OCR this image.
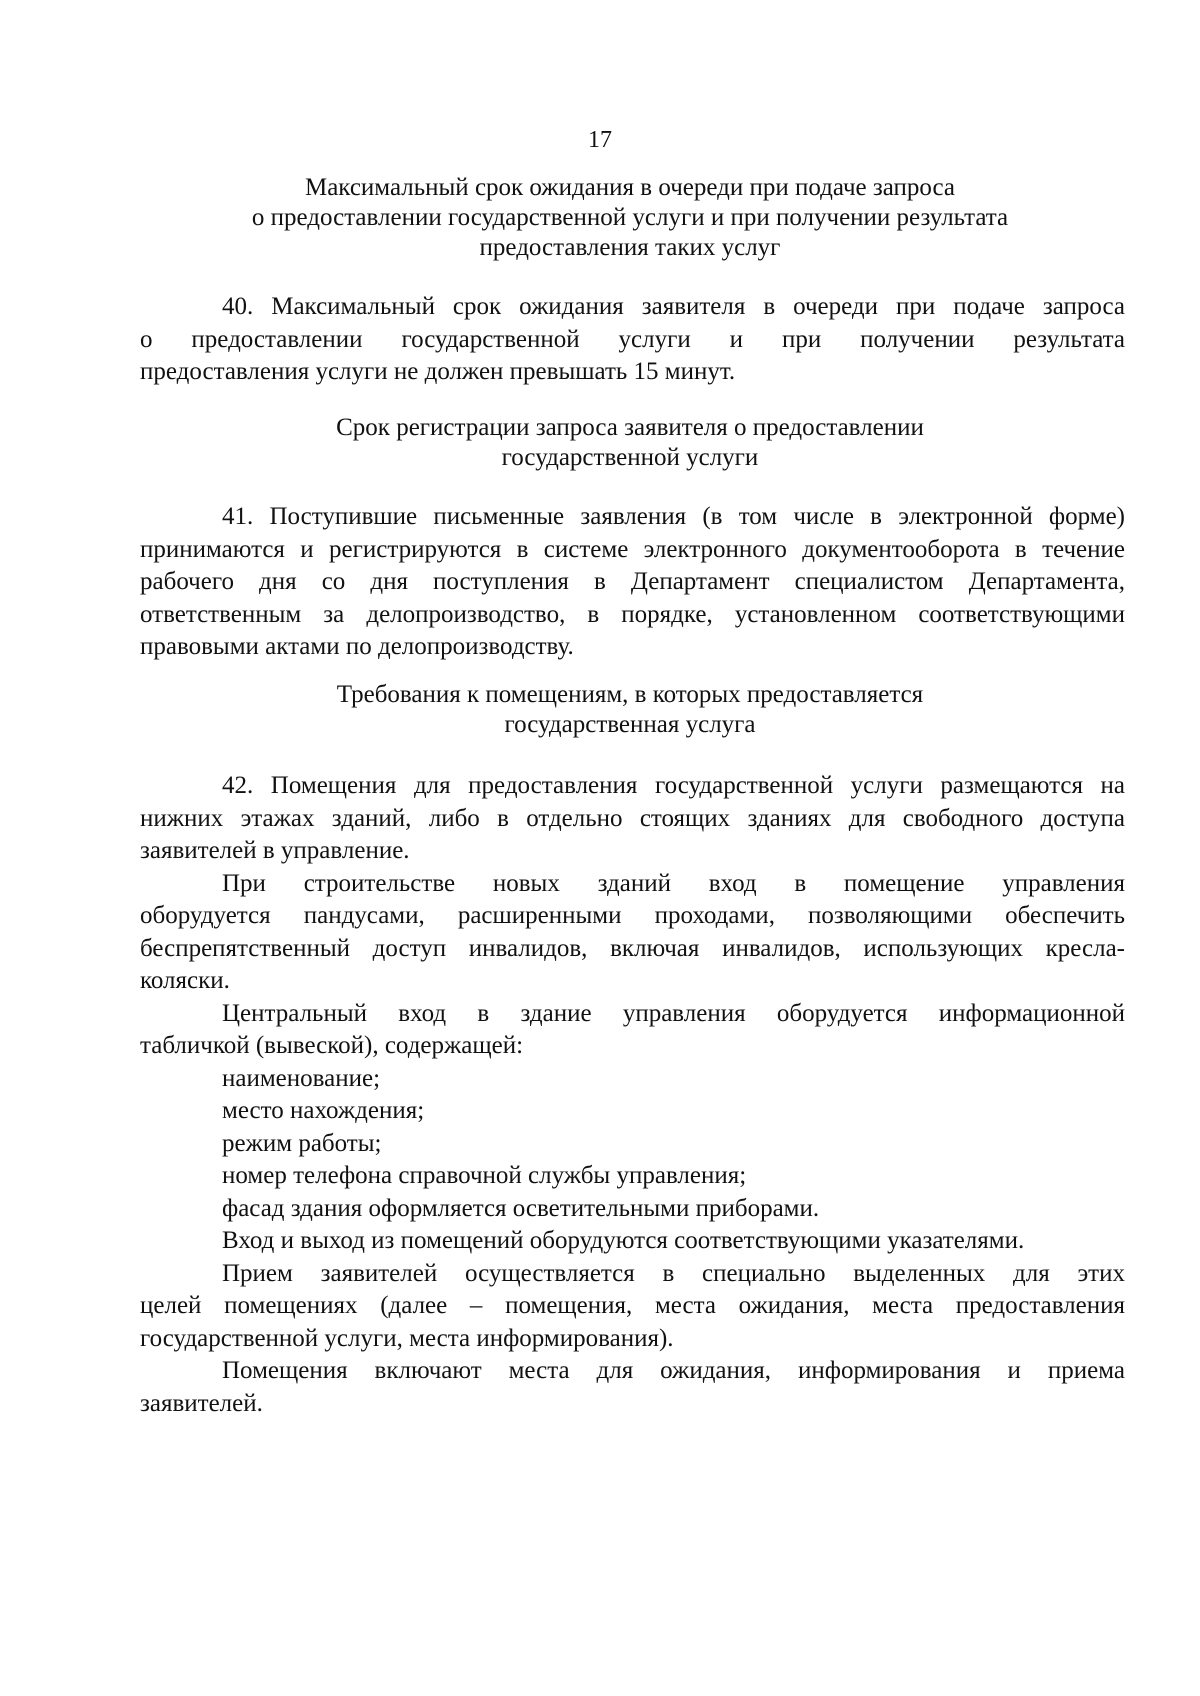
17
Максимальный срок ожидания в очереди при подаче запроса
о предоставлении государственной услуги и при получении результата
предоставления таких услуг
40. Максимальный срок ожидания заявителя в очереди при подаче запроса
о предоставлении государственной услуги и при получении результата
предоставления услуги не должен превышать 15 минут.
Срок регистрации запроса заявителя о предоставлении
государственной услуги
41. Поступившие письменные заявления (в том числе в электронной форме)
принимаются и регистрируются в системе электронного документооборота в течение
рабочего дня со дня поступления в Департамент специалистом Департамента,
ответственным за делопроизводство, в порядке, установленном соответствующими
правовыми актами по делопроизводству.
Требования к помещениям, в которых предоставляется
государственная услуга
42. Помещения для предоставления государственной услуги размещаются на
нижних этажах зданий, либо в отдельно стоящих зданиях для свободного доступа
заявителей в управление.
При строительстве новых зданий вход в помещение управления
оборудуется пандусами, расширенными проходами, позволяющими обеспечить
беспрепятственный доступ инвалидов, включая инвалидов, использующих кресла-
коляски.
Центральный вход в здание управления оборудуется информационной
табличкой (вывеской), содержащей:
наименование;
место нахождения;
режим работы;
номер телефона справочной службы управления;
фасад здания оформляется осветительными приборами.
Вход и выход из помещений оборудуются соответствующими указателями.
Прием заявителей осуществляется в специально выделенных для этих
целей помещениях (далее – помещения, места ожидания, места предоставления
государственной услуги, места информирования).
Помещения включают места для ожидания, информирования и приема
заявителей.
